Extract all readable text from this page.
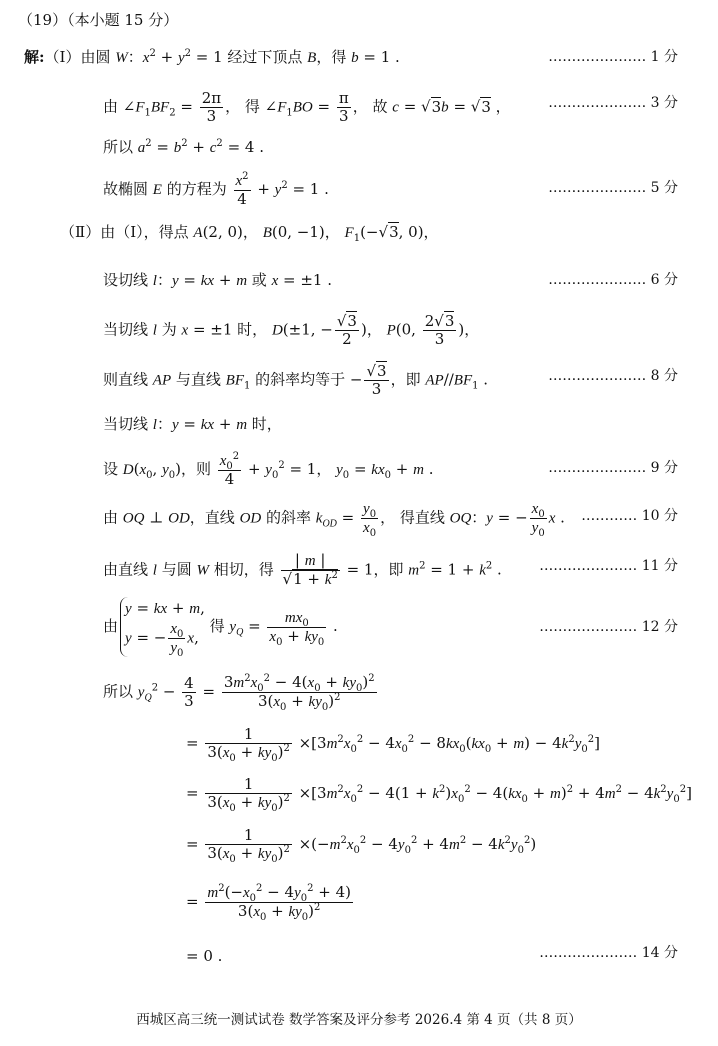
（19）（本小题 15 分）
解:（Ⅰ）由圆 W：$x^2 + y^2 = 1$ 经过下顶点 B，得 b = 1 .	………………… 1 分
由 $\angle F_1BF_2 = \frac{2\pi}{3}$ ， 得 $\angle F_1BO = \frac{\pi}{3}$ ， 故 c = √3b = √3 ，	………………… 3 分
所以 $a^2 = b^2 + c^2 = 4$ .
故椭圆 E 的方程为 $\frac{x^2}{4} + y^2 = 1$ .	………………… 5 分
（Ⅱ）由（Ⅰ），得点 A(2, 0)， B(0, −1)， $F_1(-√3$, 0)，
设切线 l：y = kx + m 或 x = ±1 .	………………… 6 分
当切线 l 为 x = ±1 时， D(±1, − $\frac{√3}{2}$ )， P(0, $\frac{2√3}{3}$ )，
则直线 AP 与直线 $BF_1$ 的斜率均等于 − $\frac{√3}{3}$ ，即 $AP//BF_1$ .	………………… 8 分
当切线 l：y = kx + m 时，
设 $D(x_0$, $y_0$)，则 $\frac{x_0^2}{4} + y_0^2 = 1$， $y_0 = kx_0 + m$ .	………………… 9 分
由 OQ ⊥ OD，直线 OD 的斜率 $k_{OD} = \frac{y_0}{x_0}$ ， 得直线 OQ：y = − $\frac{x_0}{y_0}$ x . ………… 10 分
由直线 l 与圆 W 相切，得 $\frac{| m |}{√1 + k^2} = 1$，即 $m^2 = 1 + k^2$ .	………………… 11 分
由
y = kx + m,
y = − $\frac{x_0}{y_0} x$,
得 $y_Q = \frac{mx_0}{x_0 + ky_0}$ .	………………… 12 分
所以 $y_Q^2 - \frac{4}{3} = \frac{3m^2x_0^2 - 4(x_0 + ky_0)^2}{3(x_0 + ky_0)^2}$
= $\frac{1}{3(x_0 + ky_0)^2} \times[3m^2x_0^2 - 4x_0^2 - 8kx_0(kx_0 + m) - 4k^2y_0^2]$
= $\frac{1}{3(x_0 + ky_0)^2} \times[3m^2x_0^2 - 4(1 + k^2)x_0^2 - 4(kx_0 + m)^2 + 4m^2 - 4k^2y_0^2]$
= $\frac{1}{3(x_0 + ky_0)^2} \times(-m^2x_0^2 - 4y_0^2 + 4m^2 - 4k^2y_0^2)$
= $\frac{m^2(-x_0^2 - 4y_0^2 + 4)}{3(x_0 + ky_0)^2}$
= 0 .	………………… 14 分
西城区高三统一测试试卷 数学答案及评分参考 2026.4 第 4 页（共 8 页）
